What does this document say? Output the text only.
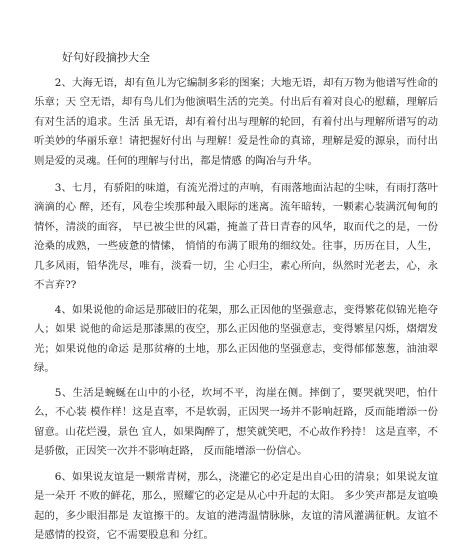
好句好段摘抄大全

2、大海无语，却有鱼儿为它编制多彩的图案；大地无语，却有万物为他谱写性命的乐章；天 空无语，却有鸟儿们为他演唱生活的完美。付出后有着对良心的慰藉，理解后有对生活的追求。生活 虽无语，却有着付出与理解的轮回，有着付出与理解所谱写的动听美妙的华丽乐章！请把握好付出 与理解！爱是性命的真谛，理解是爱的源泉，而付出则是爱的灵魂。任何的理解与付出，都是情感 的陶冶与升华。

3、七月，有骄阳的味道，有流光滑过的声响，有雨落地面沾起的尘味，有雨打落叶滴滴的心 醉，还有，风卷尘埃那种最入眼际的迷离。流年暗转，一颗素心装满沉甸甸的情怀，清淡的面容， 早已被尘世的风霜，掩盖了昔日青春的风华，取而代之的是，一份沧桑的成熟，一些疲惫的情愫， 悄悄的布满了眼角的细纹处。往事，历历在目，人生，几多风雨，铅华洗尽，唯有，淡看一切，尘 心归尘，素心所向，纵然时光老去，心，永不言弃??

4、如果说他的命运是那破旧的花架，那么正因他的坚强意志，变得繁花似锦光艳夺人；如果 说他的命运是那漆黑的夜空，那么正因他的坚强意志，变得繁星闪烁，熠熠发光；如果说他的命运 是那贫瘠的土地，那么正因他的坚强意志，变得郁郁葱葱，油油翠绿。

5、生活是蜿蜒在山中的小径，坎坷不平，沟崖在侧。摔倒了，要哭就哭吧，怕什么，不心装 模作样！这是直率，不是软弱，正因哭一场并不影响赶路，反而能增添一份留意。山花烂漫，景色 宜人，如果陶醉了，想笑就笑吧，不心故作矜持！ 这是直率，不是骄傲，正因笑一次并不影响赶路， 反而能增添一份信心。

6、如果说友谊是一颗常青树，那么，浇灌它的必定是出自心田的清泉；如果说友谊是一朵开 不败的鲜花，那么，照耀它的必定是从心中升起的太阳。 多少笑声都是友谊唤起的，多少眼泪都是 友谊擦干的。友谊的港湾温情脉脉，友谊的清风灌满征帆。友谊不是感情的投资，它不需要股息和 分红。
